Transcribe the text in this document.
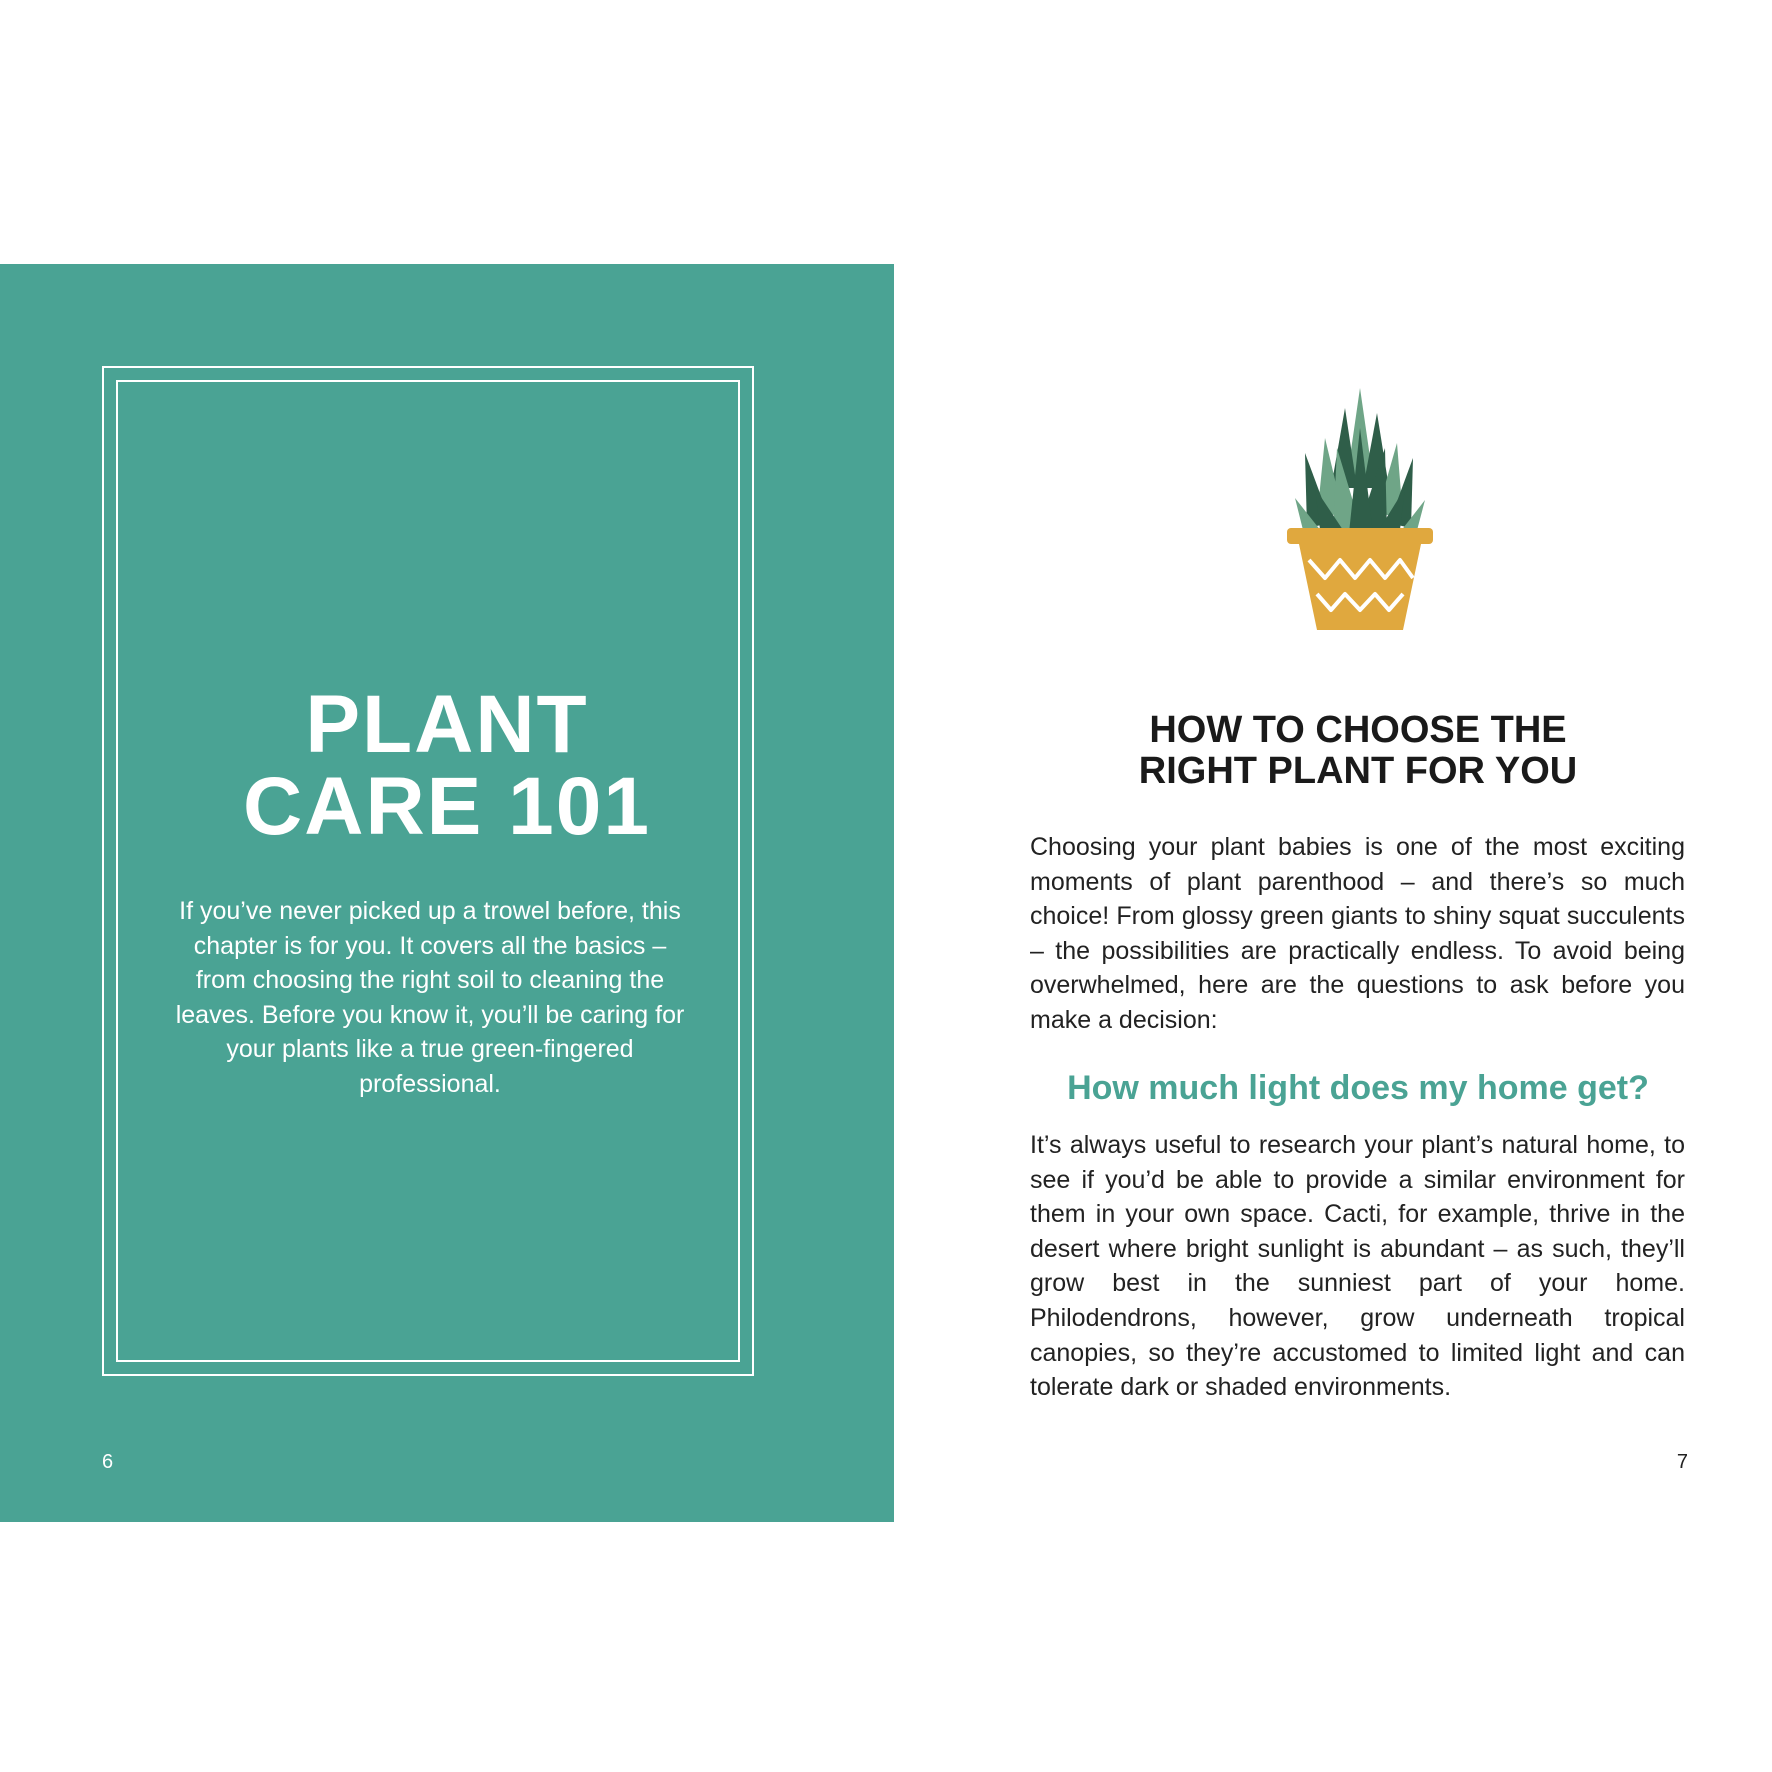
PLANT
CARE 101

If you’ve never picked up a trowel before, this chapter is for you. It covers all the basics – from choosing the right soil to cleaning the leaves. Before you know it, you’ll be caring for your plants like a true green-fingered professional.

6
HOW TO CHOOSE THE
RIGHT PLANT FOR YOU

Choosing your plant babies is one of the most exciting moments of plant parenthood – and there’s so much choice! From glossy green giants to shiny squat succulents – the possibilities are practically endless. To avoid being overwhelmed, here are the questions to ask before you make a decision:

How much light does my home get?

It’s always useful to research your plant’s natural home, to see if you’d be able to provide a similar environment for them in your own space. Cacti, for example, thrive in the desert where bright sunlight is abundant – as such, they’ll grow best in the sunniest part of your home. Philodendrons, however, grow underneath tropical canopies, so they’re accustomed to limited light and can tolerate dark or shaded environments.

7
